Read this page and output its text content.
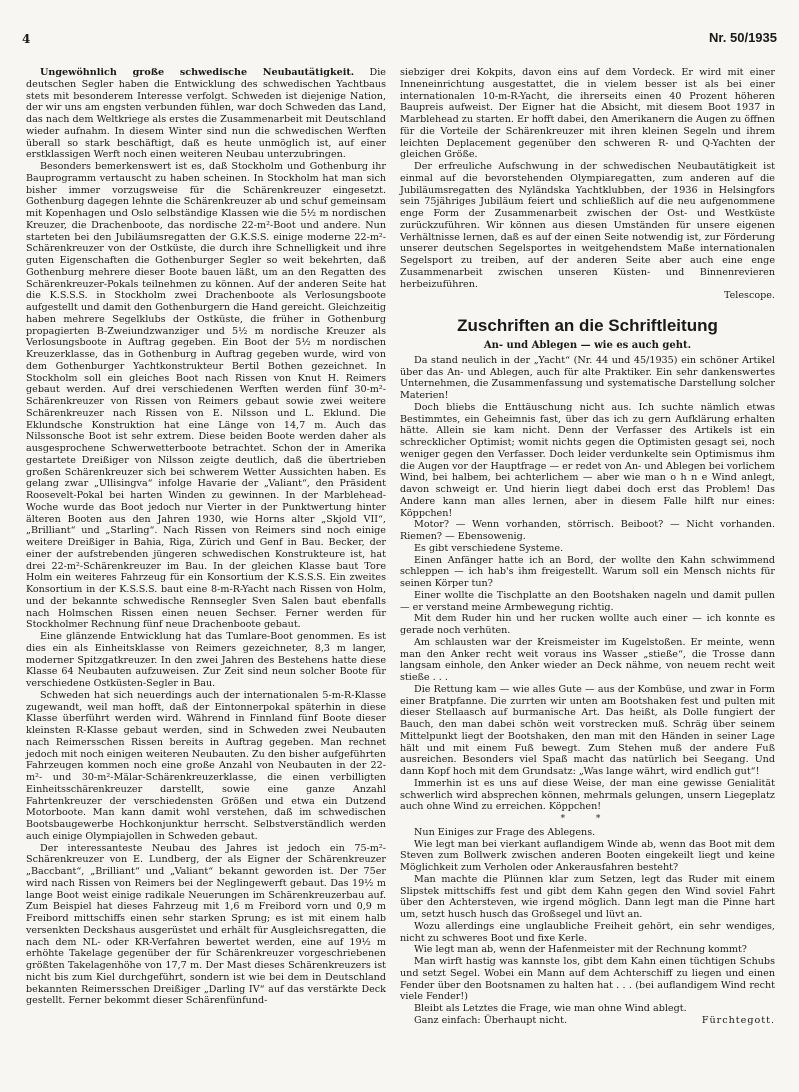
4	Nr. 50/1935

Ungewöhnlich große schwedische Neubautätigkeit. Die deutschen Segler haben die Entwicklung des schwedischen Yachtbaus stets mit besonderem Interesse verfolgt. Schweden ist diejenige Nation, der wir uns am engsten verbunden fühlen, war doch Schweden das Land, das nach dem Weltkriege als erstes die Zusammenarbeit mit Deutschland wieder aufnahm. In diesem Winter sind nun die schwedischen Werften überall so stark beschäftigt, daß es heute unmöglich ist, auf einer erstklassigen Werft noch einen weiteren Neubau unterzubringen.

Besonders bemerkenswert ist es, daß Stockholm und Gothenburg ihr Bauprogramm vertauscht zu haben scheinen. In Stockholm hat man sich bisher immer vorzugsweise für die Schärenkreuzer eingesetzt. Gothenburg dagegen lehnte die Schärenkreuzer ab und schuf gemeinsam mit Kopenhagen und Oslo selbständige Klassen wie die 5½ m nordischen Kreuzer, die Drachenboote, das nordische 22-m²-Boot und andere. Nun starteten bei den Jubiläumsregatten der G.K.S.S. einige moderne 22-m²-Schärenkreuzer von der Ostküste, die durch ihre Schnelligkeit und ihre guten Eigenschaften die Gothenburger Segler so weit bekehrten, daß Gothenburg mehrere dieser Boote bauen läßt, um an den Regatten des Schärenkreuzer-Pokals teilnehmen zu können. Auf der anderen Seite hat die K.S.S.S. in Stockholm zwei Drachenboote als Verlosungsboote aufgestellt und damit den Gothenburgern die Hand gereicht. Gleichzeitig haben mehrere Segelklubs der Ostküste, die früher in Gothenburg propagierten B-Zweiundzwanziger und 5½ m nordische Kreuzer als Verlosungsboote in Auftrag gegeben. Ein Boot der 5½ m nordischen Kreuzerklasse, das in Gothenburg in Auftrag gegeben wurde, wird von dem Gothenburger Yachtkonstrukteur Bertil Bothen gezeichnet. In Stockholm soll ein gleiches Boot nach Rissen von Knut H. Reimers gebaut werden. Auf drei verschiedenen Werften werden fünf 30-m²-Schärenkreuzer von Rissen von Reimers gebaut sowie zwei weitere Schärenkreuzer nach Rissen von E. Nilsson und L. Eklund. Die Eklundsche Konstruktion hat eine Länge von 14,7 m. Auch das Nilssonsche Boot ist sehr extrem. Diese beiden Boote werden daher als ausgesprochene Schwerwetterboote betrachtet. Schon der in Amerika gestartete Dreißiger von Nilsson zeigte deutlich, daß die übertrieben großen Schärenkreuzer sich bei schwerem Wetter Aussichten haben. Es gelang zwar „Ullisingva“ infolge Havarie der „Valiant“, den Präsident Roosevelt-Pokal bei harten Winden zu gewinnen. In der Marblehead-Woche wurde das Boot jedoch nur Vierter in der Punktwertung hinter älteren Booten aus den Jahren 1930, wie Horns alter „Skjold VII“, „Brilliant“ und „Starling“. Nach Rissen von Reimers sind noch einige weitere Dreißiger in Bahia, Riga, Zürich und Genf in Bau. Becker, der einer der aufstrebenden jüngeren schwedischen Konstrukteure ist, hat drei 22-m²-Schärenkreuzer im Bau. In der gleichen Klasse baut Tore Holm ein weiteres Fahrzeug für ein Konsortium der K.S.S.S. Ein zweites Konsortium in der K.S.S.S. baut eine 8-m-R-Yacht nach Rissen von Holm, und der bekannte schwedische Rennsegler Sven Salen baut ebenfalls nach Holmschen Rissen einen neuen Sechser. Ferner werden für Stockholmer Rechnung fünf neue Drachenboote gebaut.

Eine glänzende Entwicklung hat das Tumlare-Boot genommen. Es ist dies ein als Einheitsklasse von Reimers gezeichneter, 8,3 m langer, moderner Spitzgatkreuzer. In den zwei Jahren des Bestehens hatte diese Klasse 64 Neubauten aufzuweisen. Zur Zeit sind neun solcher Boote für verschiedene Ostküsten-Segler in Bau.

Schweden hat sich neuerdings auch der internationalen 5-m-R-Klasse zugewandt, weil man hofft, daß der Eintonnerpokal späterhin in diese Klasse überführt werden wird. Während in Finnland fünf Boote dieser kleinsten R-Klasse gebaut werden, sind in Schweden zwei Neubauten nach Reimersschen Rissen bereits in Auftrag gegeben. Man rechnet jedoch mit noch einigen weiteren Neubauten. Zu den bisher aufgeführten Fahrzeugen kommen noch eine große Anzahl von Neubauten in der 22-m²- und 30-m²-Mälar-Schärenkreuzerklasse, die einen verbilligten Einheitsschärenkreuzer darstellt, sowie eine ganze Anzahl Fahrtenkreuzer der verschiedensten Größen und etwa ein Dutzend Motorboote. Man kann damit wohl verstehen, daß im schwedischen Bootsbaugewerbe Hochkonjunktur herrscht. Selbstverständlich werden auch einige Olympiajollen in Schweden gebaut.

Der interessanteste Neubau des Jahres ist jedoch ein 75-m²-Schärenkreuzer von E. Lundberg, der als Eigner der Schärenkreuzer „Baccbant“, „Brilliant“ und „Valiant“ bekannt geworden ist. Der 75er wird nach Rissen von Reimers bei der Neglingewerft gebaut. Das 19½ m lange Boot weist einige radikale Neuerungen im Schärenkreuzerbau auf. Zum Beispiel hat dieses Fahrzeug mit 1,6 m Freibord vorn und 0,9 m Freibord mittschiffs einen sehr starken Sprung; es ist mit einem halb versenkten Deckshaus ausgerüstet und erhält für Ausgleichsregatten, die nach dem NL- oder KR-Verfahren bewertet werden, eine auf 19½ m erhöhte Takelage gegenüber der für Schärenkreuzer vorgeschriebenen größten Takelagenhöhe von 17,7 m. Der Mast dieses Schärenkreuzers ist nicht bis zum Kiel durchgeführt, sondern ist wie bei dem in Deutschland bekannten Reimersschen Dreißiger „Darling IV“ auf das verstärkte Deck gestellt. Ferner bekommt dieser Schärenfünfund-

siebziger drei Kokpits, davon eins auf dem Vordeck. Er wird mit einer Inneneinrichtung ausgestattet, die in vielem besser ist als bei einer internationalen 10-m-R-Yacht, die ihrerseits einen 40 Prozent höheren Baupreis aufweist. Der Eigner hat die Absicht, mit diesem Boot 1937 in Marblehead zu starten. Er hofft dabei, den Amerikanern die Augen zu öffnen für die Vorteile der Schärenkreuzer mit ihren kleinen Segeln und ihrem leichten Deplacement gegenüber den schweren R- und Q-Yachten der gleichen Größe.

Der erfreuliche Aufschwung in der schwedischen Neubautätigkeit ist einmal auf die bevorstehenden Olympiaregatten, zum anderen auf die Jubiläumsregatten des Nyländska Yachtklubben, der 1936 in Helsingfors sein 75jähriges Jubiläum feiert und schließlich auf die neu aufgenommene enge Form der Zusammenarbeit zwischen der Ost- und Westküste zurückzuführen. Wir können aus diesen Umständen für unsere eigenen Verhältnisse lernen, daß es auf der einen Seite notwendig ist, zur Förderung unserer deutschen Segelsportes in weitgehendstem Maße internationalen Segelsport zu treiben, auf der anderen Seite aber auch eine enge Zusammenarbeit zwischen unseren Küsten- und Binnenrevieren herbeizuführen.

Telescope.

Zuschriften an die Schriftleitung
An- und Ablegen — wie es auch geht.

Da stand neulich in der „Yacht“ (Nr. 44 und 45/1935) ein schöner Artikel über das An- und Ablegen, auch für alte Praktiker. Ein sehr dankenswertes Unternehmen, die Zusammenfassung und systematische Darstellung solcher Materien!

Doch bliebs die Enttäuschung nicht aus. Ich suchte nämlich etwas Bestimmtes, ein Geheimnis fast, über das ich zu gern Aufklärung erhalten hätte. Allein sie kam nicht. Denn der Verfasser des Artikels ist ein schrecklicher Optimist; womit nichts gegen die Optimisten gesagt sei, noch weniger gegen den Verfasser. Doch leider verdunkelte sein Optimismus ihm die Augen vor der Hauptfrage — er redet von An- und Ablegen bei vorlichem Wind, bei halbem, bei achterlichem — aber wie man o h n e Wind anlegt, davon schweigt er. Und hierin liegt dabei doch erst das Problem! Das Andere kann man alles lernen, aber in diesem Falle hilft nur eines: Köppchen!

Motor? — Wenn vorhanden, störrisch. Beiboot? — Nicht vorhanden. Riemen? — Ebensowenig.

Es gibt verschiedene Systeme.

Einen Anfänger hatte ich an Bord, der wollte den Kahn schwimmend schleppen — ich hab's ihm freigestellt. Warum soll ein Mensch nichts für seinen Körper tun?

Einer wollte die Tischplatte an den Bootshaken nageln und damit pullen — er verstand meine Armbewegung richtig.

Mit dem Ruder hin und her rucken wollte auch einer — ich konnte es gerade noch verhüten.

Am schlausten war der Kreismeister im Kugelstoßen. Er meinte, wenn man den Anker recht weit voraus ins Wasser „stieße“, die Trosse dann langsam einhole, den Anker wieder an Deck nähme, von neuem recht weit stieße . . .

Die Rettung kam — wie alles Gute — aus der Kombüse, und zwar in Form einer Bratpfanne. Die zurrten wir unten am Bootshaken fest und pulten mit dieser Stellaasch auf burmanische Art. Das heißt, als Dolle fungiert der Bauch, den man dabei schön weit vorstrecken muß. Schräg über seinem Mittelpunkt liegt der Bootshaken, den man mit den Händen in seiner Lage hält und mit einem Fuß bewegt. Zum Stehen muß der andere Fuß ausreichen. Besonders viel Spaß macht das natürlich bei Seegang. Und dann Kopf hoch mit dem Grundsatz: „Was lange währt, wird endlich gut“!

Immerhin ist es uns auf diese Weise, der man eine gewisse Genialität schwerlich wird absprechen können, mehrmals gelungen, unsern Liegeplatz auch ohne Wind zu erreichen. Köppchen!

* *

Nun Einiges zur Frage des Ablegens.

Wie legt man bei vierkant auflandigem Winde ab, wenn das Boot mit dem Steven zum Bollwerk zwischen anderen Booten eingekeilt liegt und keine Möglichkeit zum Verholen oder Ankerausfahren besteht?

Man machte die Plünnen klar zum Setzen, legt das Ruder mit einem Slipstek mittschiffs fest und gibt dem Kahn gegen den Wind soviel Fahrt über den Achtersteven, wie irgend möglich. Dann legt man die Pinne hart um, setzt husch husch das Großsegel und lüvt an.

Wozu allerdings eine unglaubliche Freiheit gehört, ein sehr wendiges, nicht zu schweres Boot und fixe Kerle.

Wie legt man ab, wenn der Hafenmeister mit der Rechnung kommt?

Man wirft hastig was kannste los, gibt dem Kahn einen tüchtigen Schubs und setzt Segel. Wobei ein Mann auf dem Achterschiff zu liegen und einen Fender über den Bootsnamen zu halten hat . . . (bei auflandigem Wind recht viele Fender!)

Bleibt als Letztes die Frage, wie man ohne Wind ablegt.

Ganz einfach: Überhaupt nicht.	Fürchtegott.
